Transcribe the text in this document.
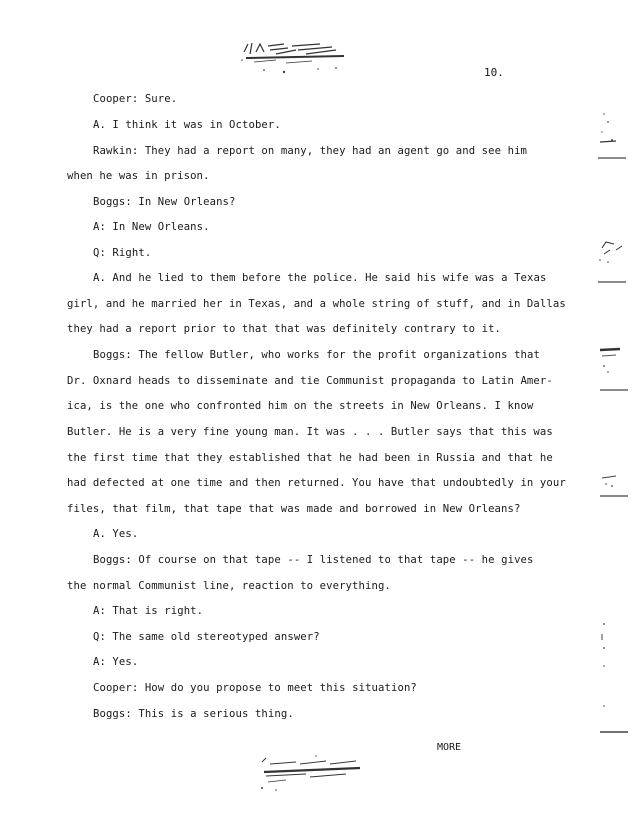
10.
Cooper: Sure.
A. I think it was in October.
Rawkin: They had a report on many, they had an agent go and see him
when he was in prison.
Boggs: In New Orleans?
A: In New Orleans.
Q: Right.
A. And he lied to them before the police. He said his wife was a Texas
girl, and he married her in Texas, and a whole string of stuff, and in Dallas
they had a report prior to that that was definitely contrary to it.
Boggs: The fellow Butler, who works for the profit organizations that
Dr. Oxnard heads to disseminate and tie Communist propaganda to Latin Amer-
ica, is the one who confronted him on the streets in New Orleans. I know
Butler. He is a very fine young man. It was . . . Butler says that this was
the first time that they established that he had been in Russia and that he
had defected at one time and then returned. You have that undoubtedly in your
files, that film, that tape that was made and borrowed in New Orleans?
A. Yes.
Boggs: Of course on that tape -- I listened to that tape -- he gives
the normal Communist line, reaction to everything.
A: That is right.
Q: The same old stereotyped answer?
A: Yes.
Cooper: How do you propose to meet this situation?
Boggs: This is a serious thing.
MORE
